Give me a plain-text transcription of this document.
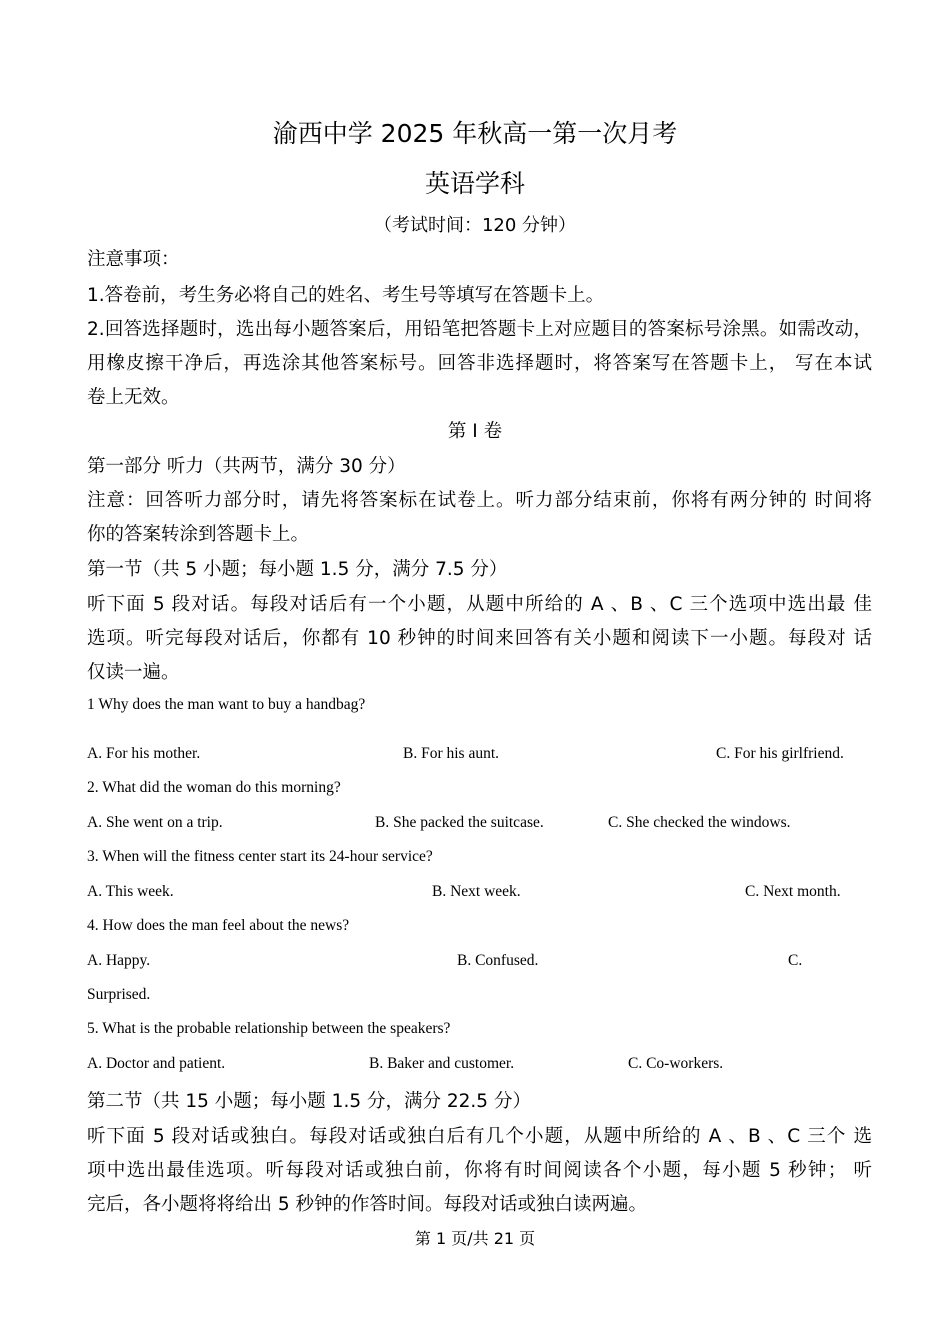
渝西中学 2025 年秋高一第一次月考
英语学科
（考试时间：120 分钟）
注意事项：
1.答卷前，考生务必将自己的姓名、考生号等填写在答题卡上。
2.回答选择题时，选出每小题答案后，用铅笔把答题卡上对应题目的答案标号涂黑。如需改动，
用橡皮擦干净后，再选涂其他答案标号。回答非选择题时，将答案写在答题卡上， 写在本试
卷上无效。
第 I 卷
第一部分 听力（共两节，满分 30 分）
注意：回答听力部分时，请先将答案标在试卷上。听力部分结束前，你将有两分钟的 时间将
你的答案转涂到答题卡上。
第一节（共 5 小题；每小题 1.5 分，满分 7.5 分）
听下面 5 段对话。每段对话后有一个小题，从题中所给的 A 、B 、C 三个选项中选出最 佳
选项。听完每段对话后，你都有 10 秒钟的时间来回答有关小题和阅读下一小题。每段对 话
仅读一遍。
1 Why does the man want to buy a handbag?
A. For his mother.	B. For his aunt.	C. For his girlfriend.
2. What did the woman do this morning?
A. She went on a trip.	B. She packed the suitcase.	C. She checked the windows.
3. When will the fitness center start its 24-hour service?
A. This week.	B. Next week.	C. Next month.
4. How does the man feel about the news?
A. Happy.	B. Confused.	C.
Surprised.
5. What is the probable relationship between the speakers?
A. Doctor and patient.	B. Baker and customer.	C. Co-workers.
第二节（共 15 小题；每小题 1.5 分，满分 22.5 分）
听下面 5 段对话或独白。每段对话或独白后有几个小题，从题中所给的 A 、B 、C 三个 选
项中选出最佳选项。听每段对话或独白前，你将有时间阅读各个小题，每小题 5 秒钟； 听
完后，各小题将将给出 5 秒钟的作答时间。每段对话或独白读两遍。
第 1 页/共 21 页
